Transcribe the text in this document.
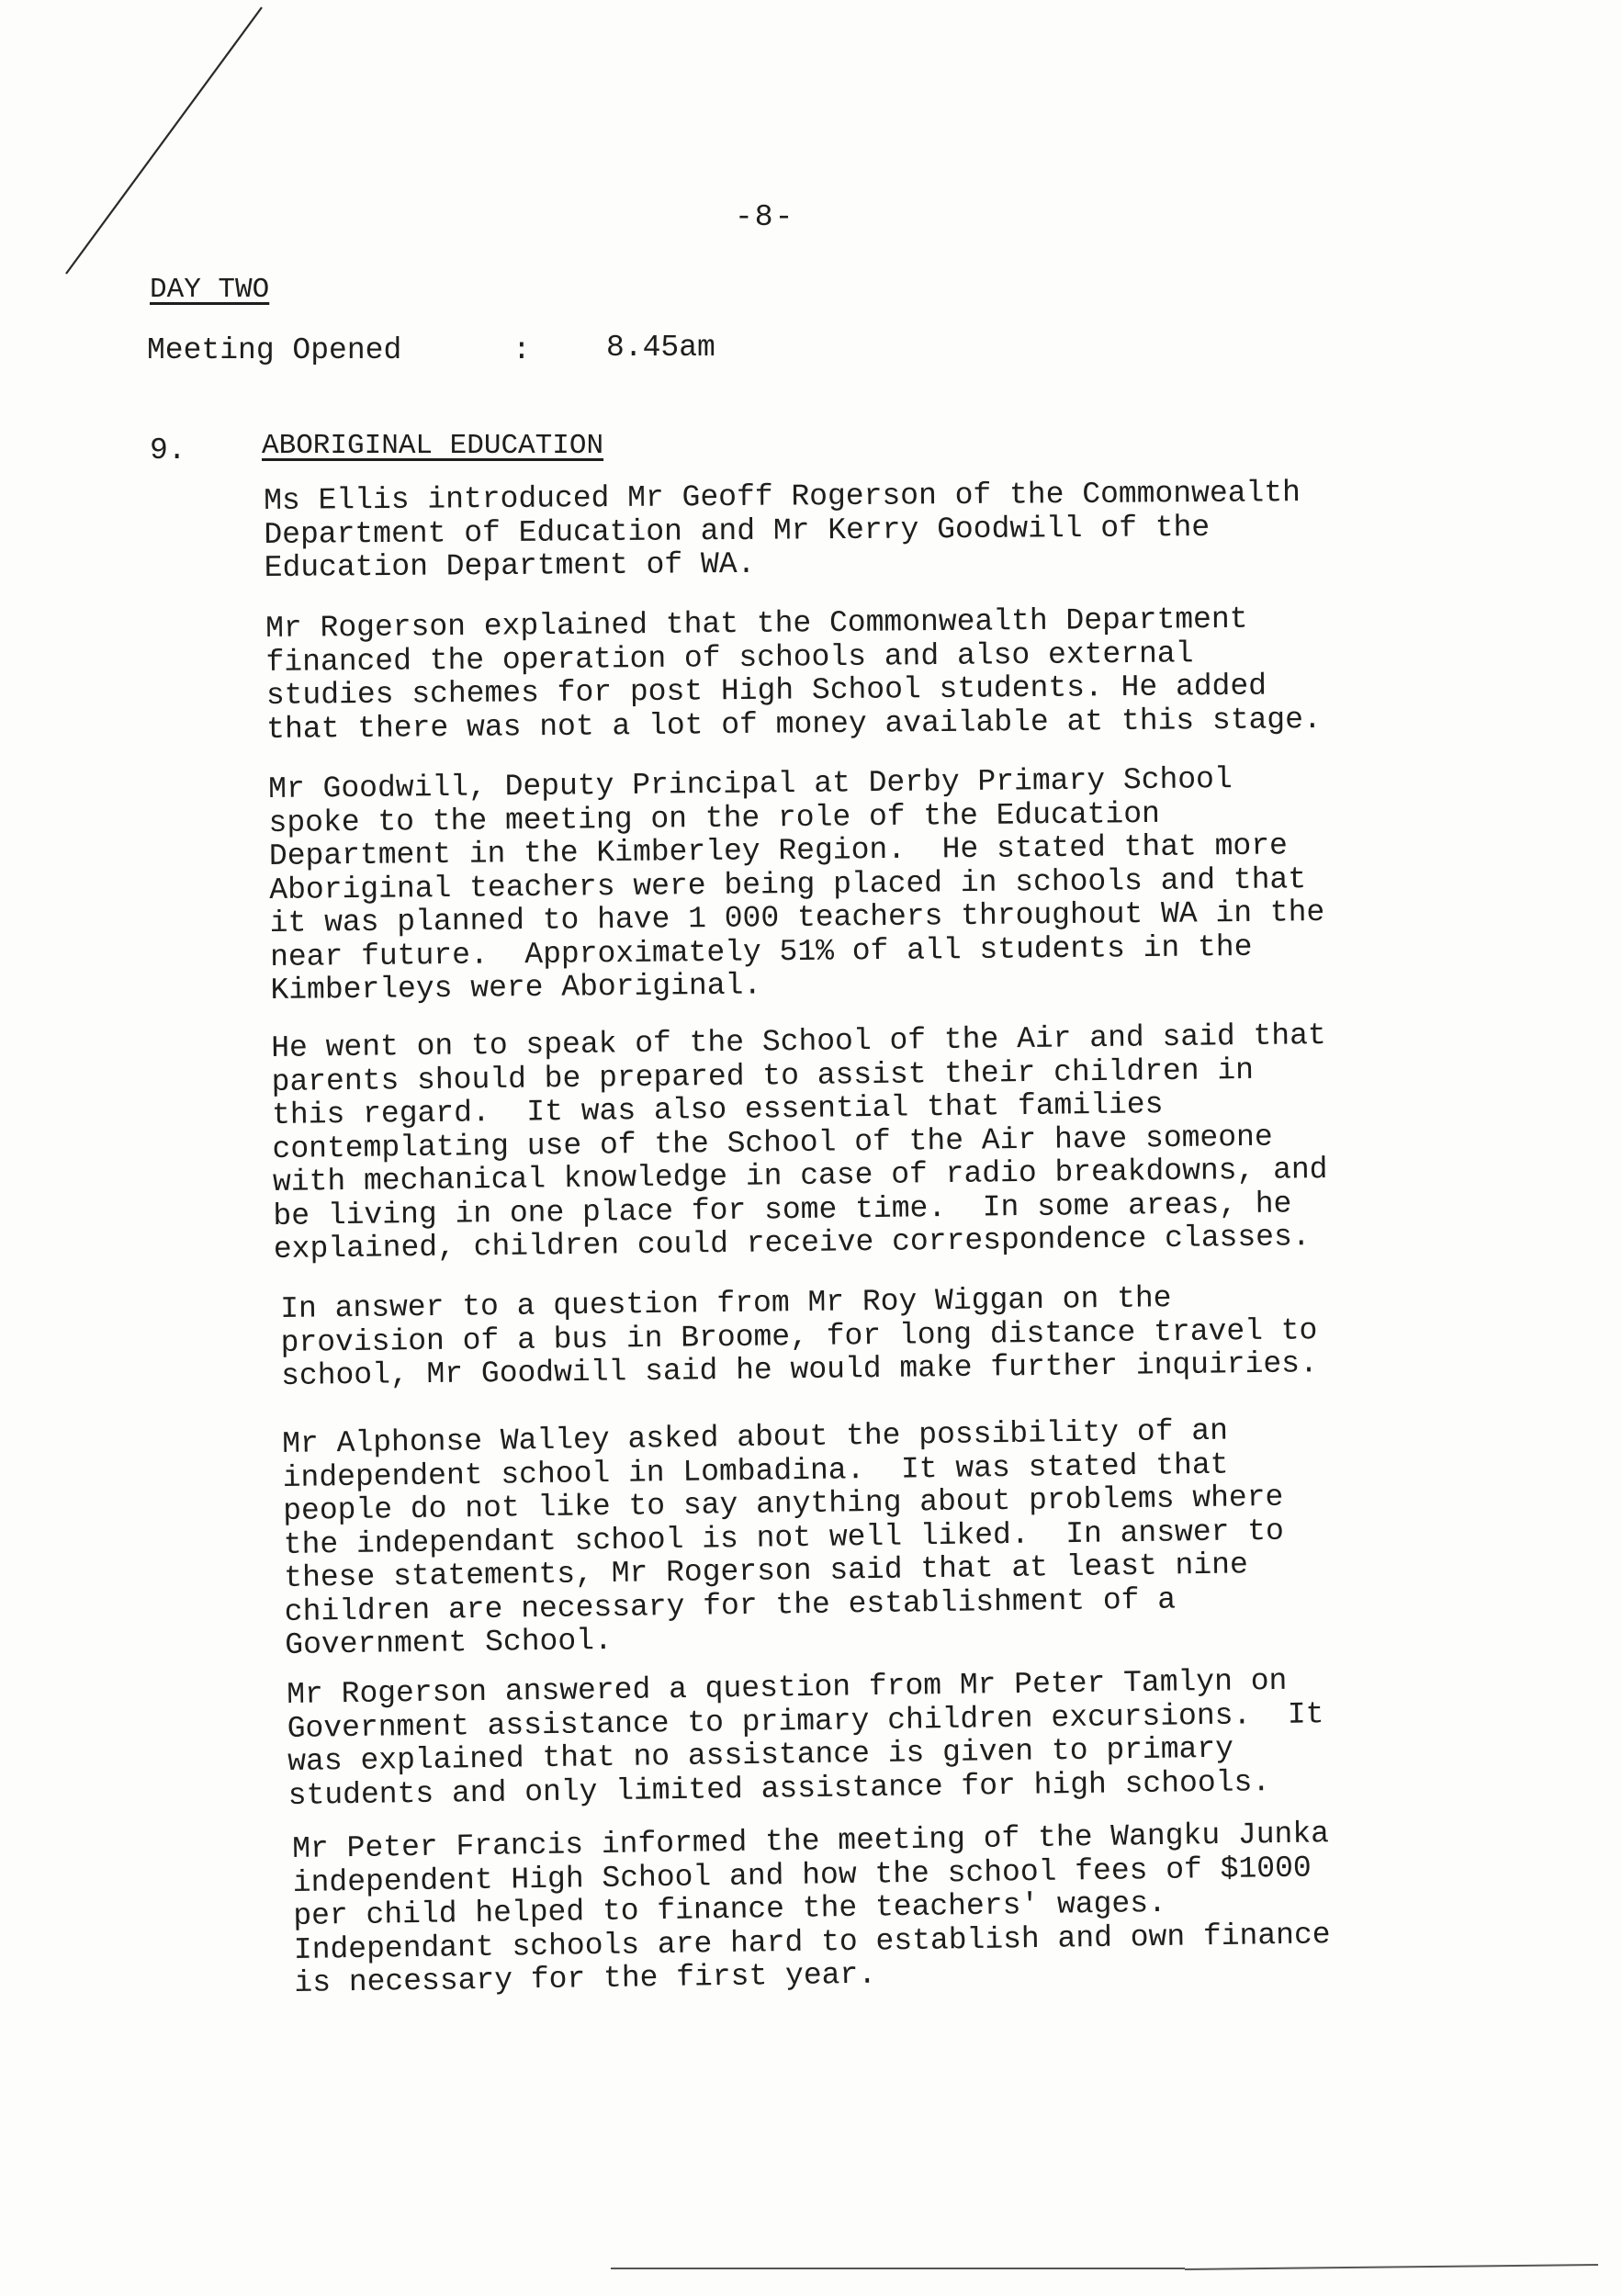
-8-
DAY TWO
Meeting Opened	: 8.45am
9.	ABORIGINAL EDUCATION

Ms Ellis introduced Mr Geoff Rogerson of the Commonwealth
Department of Education and Mr Kerry Goodwill of the
Education Department of WA.

Mr Rogerson explained that the Commonwealth Department
financed the operation of schools and also external
studies schemes for post High School students. He added
that there was not a lot of money available at this stage.

Mr Goodwill, Deputy Principal at Derby Primary School
spoke to the meeting on the role of the Education
Department in the Kimberley Region.  He stated that more
Aboriginal teachers were being placed in schools and that
it was planned to have 1 000 teachers throughout WA in the
near future.  Approximately 51% of all students in the
Kimberleys were Aboriginal.

He went on to speak of the School of the Air and said that
parents should be prepared to assist their children in
this regard.  It was also essential that families
contemplating use of the School of the Air have someone
with mechanical knowledge in case of radio breakdowns, and
be living in one place for some time.  In some areas, he
explained, children could receive correspondence classes.

In answer to a question from Mr Roy Wiggan on the
provision of a bus in Broome, for long distance travel to
school, Mr Goodwill said he would make further inquiries.

Mr Alphonse Walley asked about the possibility of an
independent school in Lombadina.  It was stated that
people do not like to say anything about problems where
the independant school is not well liked.  In answer to
these statements, Mr Rogerson said that at least nine
children are necessary for the establishment of a
Government School.

Mr Rogerson answered a question from Mr Peter Tamlyn on
Government assistance to primary children excursions.  It
was explained that no assistance is given to primary
students and only limited assistance for high schools.

Mr Peter Francis informed the meeting of the Wangku Junka
independent High School and how the school fees of $1000
per child helped to finance the teachers' wages.
Independant schools are hard to establish and own finance
is necessary for the first year.
